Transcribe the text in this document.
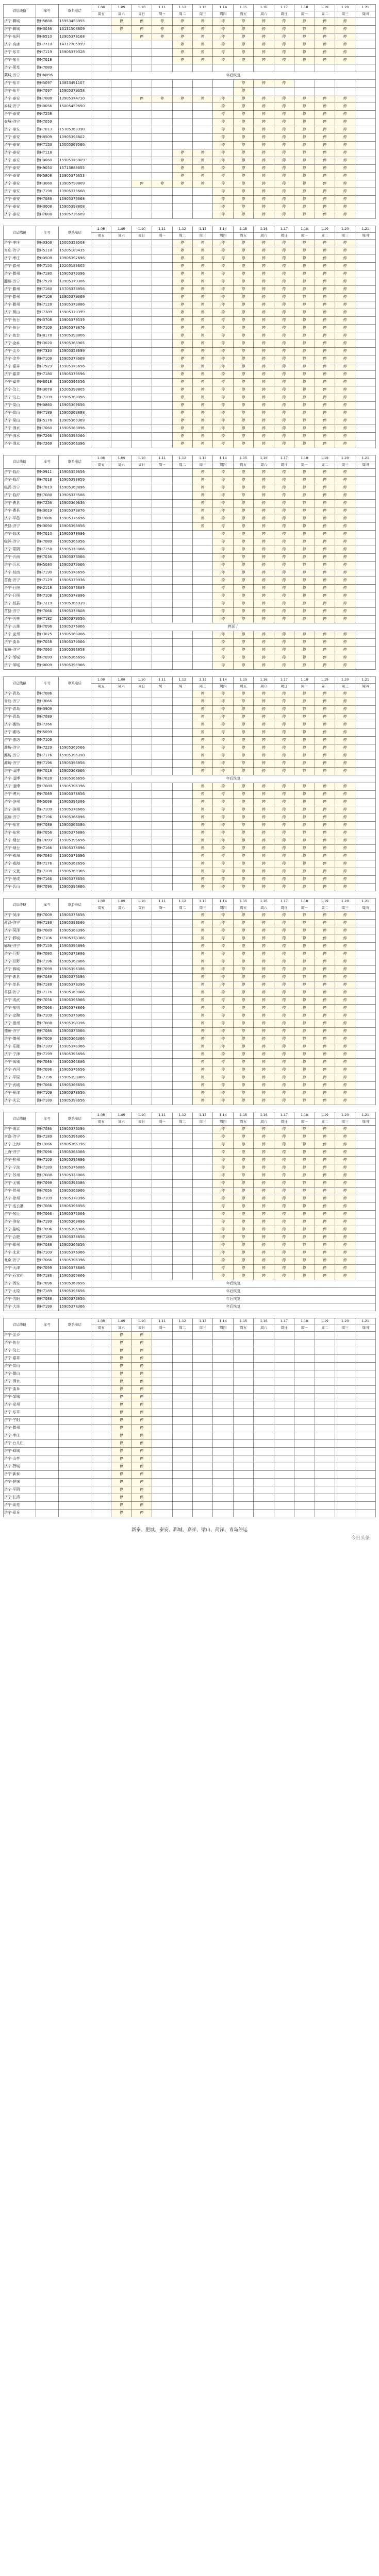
营运线路	车号	联系电话	1.08	1.09	1.10	1.11	1.12	1.13	1.14	1.15	1.16	1.17	1.18	1.19	1.20	1.21
			周五	周六	周日	周一	周二	周三	周四	周五	周六	周日	周一	周二	周三	周四
济宁-聊城	鲁H5888	15953459955		停	停	停	停	停	停	停	停	停	停	停	停	
济宁-聊城	鲁H0036	13131508809		停	停	停	停	停	停	停	停	停	停	停	停	
济宁-东阿	鲁H6510	13905378168			停	停	停	停	停	停	停	停	停	停	停	
济宁-高唐	鲁H7718	14717705999					停	停	停	停	停	停	停	停	停	
济宁-东平	鲁H7119	15905379328					停	停	停	停	停	停	停	停	停	
济宁-东平	鲁H7018						停	停	停	停	停	停	停	停	停	
济宁-莱芜	鲁H7089															
莱城-济宁	鲁HM096		年后恢复													
济宁-东平	鲁H5097	13853491107								停	停	停				
济宁-东平	鲁H7097	15905379358								停						
济宁-泰安	鲁H7088	13905374710			停	停	停	停	停	停	停	停	停	停	停	
泰城-济宁	鲁H0056	15005459650							停	停	停	停	停	停	停	
济宁-泰安	鲁H7258								停	停	停	停	停	停	停	
泰城-济宁	鲁H7059								停	停	停	停	停	停	停	
济宁-泰安	鲁H7013	15705360398							停	停	停	停	停	停	停	
济宁-泰安	鲁H8509	13905398802							停	停	停	停	停	停	停	
济宁-泰安	鲁H7153	15005369566							停	停	停	停	停	停	停	
济宁-泰安	鲁H7118						停	停	停	停	停	停	停	停	停	
济宁-泰安	鲁H0060	15905379809					停	停	停	停	停	停	停	停	停	
济宁-泰安	鲁H9050	15713888655					停	停	停	停	停	停	停	停	停	
济宁-泰安	鲁H5808	13905376653					停	停	停	停	停	停	停	停	停	
济宁-泰安	鲁H3060	13905798809			停	停	停	停	停	停	停	停	停	停	停	
济宁-泰安	鲁H7198	13905376668							停	停	停	停	停	停	停	
济宁-泰安	鲁H7088	15905376668							停	停	停	停	停	停	停	
济宁-泰安	鲁H0008	15905398808							停	停	停	停	停	停	停	
济宁-泰安	鲁H7888	15905736669							停	停	停	停	停	停	停	
营运线路	车号	联系电话	1.08	1.09	1.10	1.11	1.12	1.13	1.14	1.15	1.16	1.17	1.18	1.19	1.20	1.21
			周五	周六	周日	周一	周二	周三	周四	周五	周六	周日	周一	周二	周三	周四
济宁-枣庄	鲁H0308	15005358508					停	停	停	停	停	停	停	停	停	
枣庄-济宁	鲁H5118	15205189435					停	停	停	停	停	停	停	停	停	
济宁-枣庄	鲁H0508	13905397696					停	停	停	停	停	停	停	停	停	
济宁-滕州	鲁H7150	15205189605					停	停	停	停	停	停	停	停	停	
济宁-滕州	鲁H7180	15905379396					停	停	停	停	停	停	停	停	停	
滕州-济宁	鲁H7520	13905379386					停	停	停	停	停	停	停	停	停	
济宁-滕州	鲁H7160	15705379856					停	停	停	停	停	停	停	停	停	
济宁-滕州	鲁H7108	13905379369					停	停	停	停	停	停	停	停	停	
济宁-滕州	鲁H7128	15905379886					停	停	停	停	停	停	停	停	停	
济宁-微山	鲁H7289	15905379399					停	停	停	停	停	停	停	停	停	
济宁-鱼台	鲁H3708	13905379539					停	停	停	停	停	停	停	停	停	
济宁-鱼台	鲁H7109	15905379876					停	停	停	停	停	停	停	停	停	
济宁-鱼台	鲁H8178	15905398806					停	停	停	停	停	停	停	停	停	
济宁-金乡	鲁H3020	15905368965					停	停	停	停	停	停	停	停	停	
济宁-金乡	鲁H7330	15905358699					停	停	停	停	停	停	停	停	停	
济宁-金乡	鲁H7109	15905378669					停	停	停	停	停	停	停	停	停	
济宁-嘉祥	鲁H7529	15905379656					停	停	停	停	停	停	停	停	停	
济宁-嘉祥	鲁H7180	15905379596					停	停	停	停	停	停	停	停	停	
济宁-嘉祥	鲁H8018	15905396356					停	停	停	停	停	停	停	停	停	
济宁-汶上	鲁H3078	15205398805					停	停	停	停	停	停	停	停	停	
济宁-汶上	鲁H7109	15905360856					停	停	停	停	停	停	停	停	停	
济宁-梁山	鲁H0860	15905369656					停	停	停	停	停	停	停	停	停	
济宁-梁山	鲁H7189	15905363888					停	停	停	停	停	停	停	停	停	
济宁-梁山	鲁H5176	13905369369					停	停	停	停	停	停	停	停	停	
济宁-泗水	鲁H7060	15905369896					停	停	停	停	停	停	停	停	停	
济宁-泗水	鲁H7266	15905398566					停	停	停	停	停	停	停	停	停	
济宁-泗水	鲁H7269	15905366396					停	停	停	停	停	停	停	停	停	
营运线路	车号	联系电话	1.08	1.09	1.10	1.11	1.12	1.13	1.14	1.15	1.16	1.17	1.18	1.19	1.20	1.21
			周五	周六	周日	周一	周二	周三	周四	周五	周六	周日	周一	周二	周三	周四
济宁-临沂	鲁H0911	15905359656						停	停	停	停	停	停	停	停	
济宁-临沂	鲁H7018	15905398859						停	停	停	停	停	停	停	停	
临沂-济宁	鲁H7019	15905369896						停	停	停	停	停	停	停	停	
济宁-临沂	鲁H7080	13905379566						停	停	停	停	停	停	停	停	
济宁-费县	鲁H7256	15905369636						停	停	停	停	停	停	停	停	
济宁-费县	鲁H3019	15905378876						停	停	停	停	停	停	停	停	
济宁-平邑	鲁H7086	15905376696						停	停	停	停	停	停	停	停	
费县-济宁	鲁H3090	15905398856						停	停	停	停	停	停	停	停	
济宁-临沭	鲁H7010	15905379686							停	停	停	停	停	停	停	
临沭-济宁	鲁H7089	15905366956							停	停	停	停	停	停	停	
济宁-蒙阴	鲁H7158	15905378866							停	停	停	停	停	停	停	
济宁-沂南	鲁H7036	15905376366							停	停	停	停	停	停	停	
济宁-沂水	鲁H5080	15905379666							停	停	停	停	停	停	停	
济宁-莒南	鲁H7190	15905378656							停	停	停	停	停	停	停	
莒南-济宁	鲁H7129	15905379936							停	停	停	停	停	停	停	
济宁-日照	鲁H2118	15905376889							停	停	停	停	停	停	停	
济宁-日照	鲁H7108	15905378896							停	停	停	停	停	停	停	
济宁-莒县	鲁H7219	15905366939							停	停	停	停	停	停	停	
莒县-济宁	鲁H7066	15905378808							停	停	停	停	停	停	停	
济宁-五莲	鲁H7182	15905379356							停	停	停	停	停	停	停	
济宁-五莲	鲁H7096	15905376866	停运了													
济宁-兖州	鲁H3025	15905368066							停	停	停	停	停	停	停	
济宁-曲阜	鲁H7058	15905379366							停	停	停	停	停	停	停	
兖州-济宁	鲁H7060	15905396958							停	停	停	停	停	停	停	
济宁-邹城	鲁H7099	15905366656							停	停	停	停	停	停	停	
济宁-邹城	鲁H0009	15905398966							停	停	停	停	停	停	停	
营运线路	车号	联系电话	1.08	1.09	1.10	1.11	1.12	1.13	1.14	1.15	1.16	1.17	1.18	1.19	1.20	1.21
			周五	周六	周日	周一	周二	周三	周四	周五	周六	周日	周一	周二	周三	周四
济宁-青岛	鲁H7086							停	停	停	停	停	停	停	停	
青岛-济宁	鲁H3066							停	停	停	停	停	停	停	停	
济宁-青岛	鲁H0909							停	停	停	停	停	停	停	停	
济宁-青岛	鲁H7089							停	停	停	停	停	停	停	停	
济宁-潍坊	鲁H7266							停	停	停	停	停	停	停	停	
济宁-潍坊	鲁H5099							停	停	停	停	停	停	停	停	
济宁-潍坊	鲁H7109							停	停	停	停	停	停	停	停	
潍坊-济宁	鲁H7229	15905369566						停	停	停	停	停	停	停	停	
潍坊-济宁	鲁H7176	15905396398						停	停	停	停	停	停	停	停	
潍坊-济宁	鲁H7196	15905396856						停	停	停	停	停	停	停	停	
济宁-淄博	鲁H7018	15905368666						停	停	停	停	停	停	停	停	
济宁-淄博	鲁H7028	15905366656	年后恢复													
济宁-淄博	鲁H7088	15905396396						停	停	停	停	停	停	停	停	
济宁-博兴	鲁H7089	15905378856						停	停	停	停	停	停	停	停	
济宁-滨州	鲁H5098	15905396386						停	停	停	停	停	停	停	停	
济宁-滨州	鲁H7109	15905378686						停	停	停	停	停	停	停	停	
滨州-济宁	鲁H7196	15905366896						停	停	停	停	停	停	停	停	
济宁-东营	鲁H7089	15905366386						停	停	停	停	停	停	停	停	
济宁-东营	鲁H7056	15905376886						停	停	停	停	停	停	停	停	
济宁-烟台	鲁H7099	15905396656						停	停	停	停	停	停	停	停	
济宁-烟台	鲁H7166	15905378896						停	停	停	停	停	停	停	停	
济宁-威海	鲁H7080	15905376396						停	停	停	停	停	停	停	停	
济宁-威海	鲁H7176	15905368656						停	停	停	停	停	停	停	停	
济宁-文登	鲁H7108	15905369366						停	停	停	停	停	停	停	停	
济宁-荣成	鲁H7166	15905378656						停	停	停	停	停	停	停	停	
济宁-乳山	鲁H7096	15905396866						停	停	停	停	停	停	停	停	
营运线路	车号	联系电话	1.08	1.09	1.10	1.11	1.12	1.13	1.14	1.15	1.16	1.17	1.18	1.19	1.20	1.21
			周五	周六	周日	周一	周二	周三	周四	周五	周六	周日	周一	周二	周三	周四
济宁-菏泽	鲁H7009	15905376656						停	停	停	停	停	停	停	停	
菏泽-济宁	鲁H7198	15905396366						停	停	停	停	停	停	停	停	
济宁-菏泽	鲁H7089	15905368396						停	停	停	停	停	停	停	停	
济宁-郓城	鲁H7106	15905378366						停	停	停	停	停	停	停	停	
郓城-济宁	鲁H7159	15905396896						停	停	停	停	停	停	停	停	
济宁-巨野	鲁H7080	15905376886						停	停	停	停	停	停	停	停	
济宁-巨野	鲁H7196	15905368866						停	停	停	停	停	停	停	停	
济宁-鄄城	鲁H7099	15905396386						停	停	停	停	停	停	停	停	
济宁-曹县	鲁H7089	15905376396						停	停	停	停	停	停	停	停	
济宁-单县	鲁H7188	15905378396						停	停	停	停	停	停	停	停	
单县-济宁	鲁H7176	15905369866						停	停	停	停	停	停	停	停	
济宁-成武	鲁H7056	15905396966						停	停	停	停	停	停	停	停	
济宁-东明	鲁H7066	15905378866						停	停	停	停	停	停	停	停	
济宁-定陶	鲁H7109	15905376966						停	停	停	停	停	停	停	停	
济宁-德州	鲁H7088	15905398396						停	停	停	停	停	停	停	停	
德州-济宁	鲁H7086	15905376366						停	停	停	停	停	停	停	停	
济宁-德州	鲁H7009	15905366366						停	停	停	停	停	停	停	停	
济宁-乐陵	鲁H7189	15905378966						停	停	停	停	停	停	停	停	
济宁-宁津	鲁H7199	15905396656						停	停	停	停	停	停	停	停	
济宁-禹城	鲁H7086	15905366886						停	停	停	停	停	停	停	停	
济宁-齐河	鲁H7096	15905376656						停	停	停	停	停	停	停	停	
济宁-平原	鲁H7196	15905398886						停	停	停	停	停	停	停	停	
济宁-武城	鲁H7066	15905366656						停	停	停	停	停	停	停	停	
济宁-夏津	鲁H7109	15905378656						停	停	停	停	停	停	停	停	
济宁-庆云	鲁H7189	15905398656						停	停	停	停	停	停	停	停	
营运线路	车号	联系电话	1.08	1.09	1.10	1.11	1.12	1.13	1.14	1.15	1.16	1.17	1.18	1.19	1.20	1.21
			周五	周六	周日	周一	周二	周三	周四	周五	周六	周日	周一	周二	周三	周四
济宁-南京	鲁H7086	15905376396							停	停	停	停	停	停	停	
南京-济宁	鲁H7189	15905396366							停	停	停	停	停	停	停	
济宁-上海	鲁H7066	15905366396							停	停	停	停	停	停	停	
上海-济宁	鲁H7096	15905368366							停	停	停	停	停	停	停	
济宁-杭州	鲁H7109	15905396896							停	停	停	停	停	停	停	
济宁-宁波	鲁H7189	15905376886							停	停	停	停	停	停	停	
济宁-苏州	鲁H7088	15905378866							停	停	停	停	停	停	停	
济宁-无锡	鲁H7099	15905396386							停	停	停	停	停	停	停	
济宁-常州	鲁H7056	15905366966							停	停	停	停	停	停	停	
济宁-徐州	鲁H7109	15905378396							停	停	停	停	停	停	停	
济宁-连云港	鲁H7086	15905396856							停	停	停	停	停	停	停	
济宁-宿迁	鲁H7066	15905376366							停	停	停	停	停	停	停	
济宁-淮安	鲁H7199	15905368896							停	停	停	停	停	停	停	
济宁-盐城	鲁H7096	15905396966							停	停	停	停	停	停	停	
济宁-合肥	鲁H7189	15905378656							停	停	停	停	停	停	停	
济宁-郑州	鲁H7088	15905366656							停	停	停	停	停	停	停	
济宁-北京	鲁H7109	15905376966							停	停	停	停	停	停	停	
北京-济宁	鲁H7066	15905396396							停	停	停	停	停	停	停	
济宁-天津	鲁H7099	15905378886							停	停	停	停	停	停	停	
济宁-石家庄	鲁H7186	15905366866							停	停	停	停	停	停	停	
济宁-西安	鲁H7096	15905368656	年后恢复													
济宁-太原	鲁H7189	15905396656	年后恢复													
济宁-沈阳	鲁H7088	15905376856	年后恢复													
济宁-大连	鲁H7199	15905378366	年后恢复													
营运线路	车号	联系电话	1.08	1.09	1.10	1.11	1.12	1.13	1.14	1.15	1.16	1.17	1.18	1.19	1.20	1.21
			周五	周六	周日	周一	周二	周三	周四	周五	周六	周日	周一	周二	周三	周四
济宁-金乡				停	停											
济宁-鱼台				停	停											
济宁-汶上				停	停											
济宁-嘉祥				停	停											
济宁-梁山				停	停											
济宁-微山				停	停											
济宁-泗水				停	停											
济宁-曲阜				停	停											
济宁-邹城				停	停											
济宁-兖州				停	停											
济宁-东平				停	停											
济宁-宁阳				停	停											
济宁-滕州				停	停											
济宁-枣庄				停	停											
济宁-台儿庄				停	停											
济宁-峄城				停	停											
济宁-山亭				停	停											
济宁-薛城				停	停											
济宁-新泰				停	停											
济宁-肥城				停	停											
济宁-平阴				停	停											
济宁-长清				停	停											
济宁-莱芜				停	停											
济宁-章丘				停	停											
新泰、肥城、泰安、郓城、嘉祥、梁山、菏泽、青岛停运
今日头条
